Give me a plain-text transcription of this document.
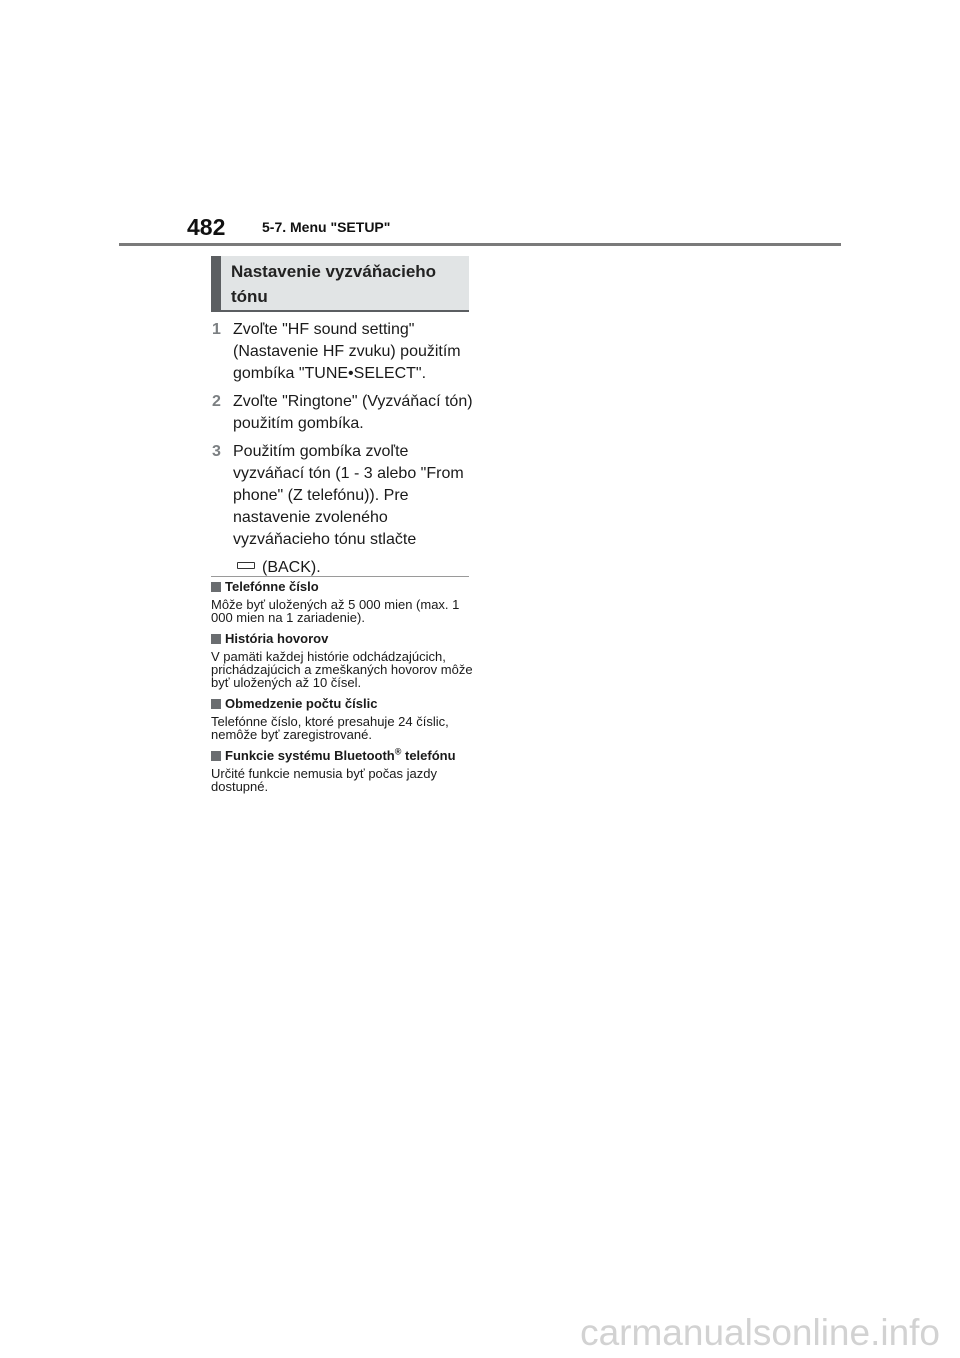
482	5-7. Menu "SETUP"
Nastavenie vyzváňacieho tónu
1 Zvoľte "HF sound setting" (Nastavenie HF zvuku) použitím gombíka "TUNE•SELECT".
2 Zvoľte "Ringtone" (Vyzváňací tón) použitím gombíka.
3 Použitím gombíka zvoľte vyzváňací tón (1 - 3 alebo "From phone" (Z telefónu)). Pre nastavenie zvoleného vyzváňacieho tónu stlačte
(BACK).
Telefónne číslo
Môže byť uložených až 5 000 mien (max. 1 000 mien na 1 zariadenie).
História hovorov
V pamäti každej histórie odchádzajúcich, prichádzajúcich a zmeškaných hovorov môže byť uložených až 10 čísel.
Obmedzenie počtu číslic
Telefónne číslo, ktoré presahuje 24 číslic, nemôže byť zaregistrované.
Funkcie systému Bluetooth® telefónu
Určité funkcie nemusia byť počas jazdy dostupné.
carmanualsonline.info
